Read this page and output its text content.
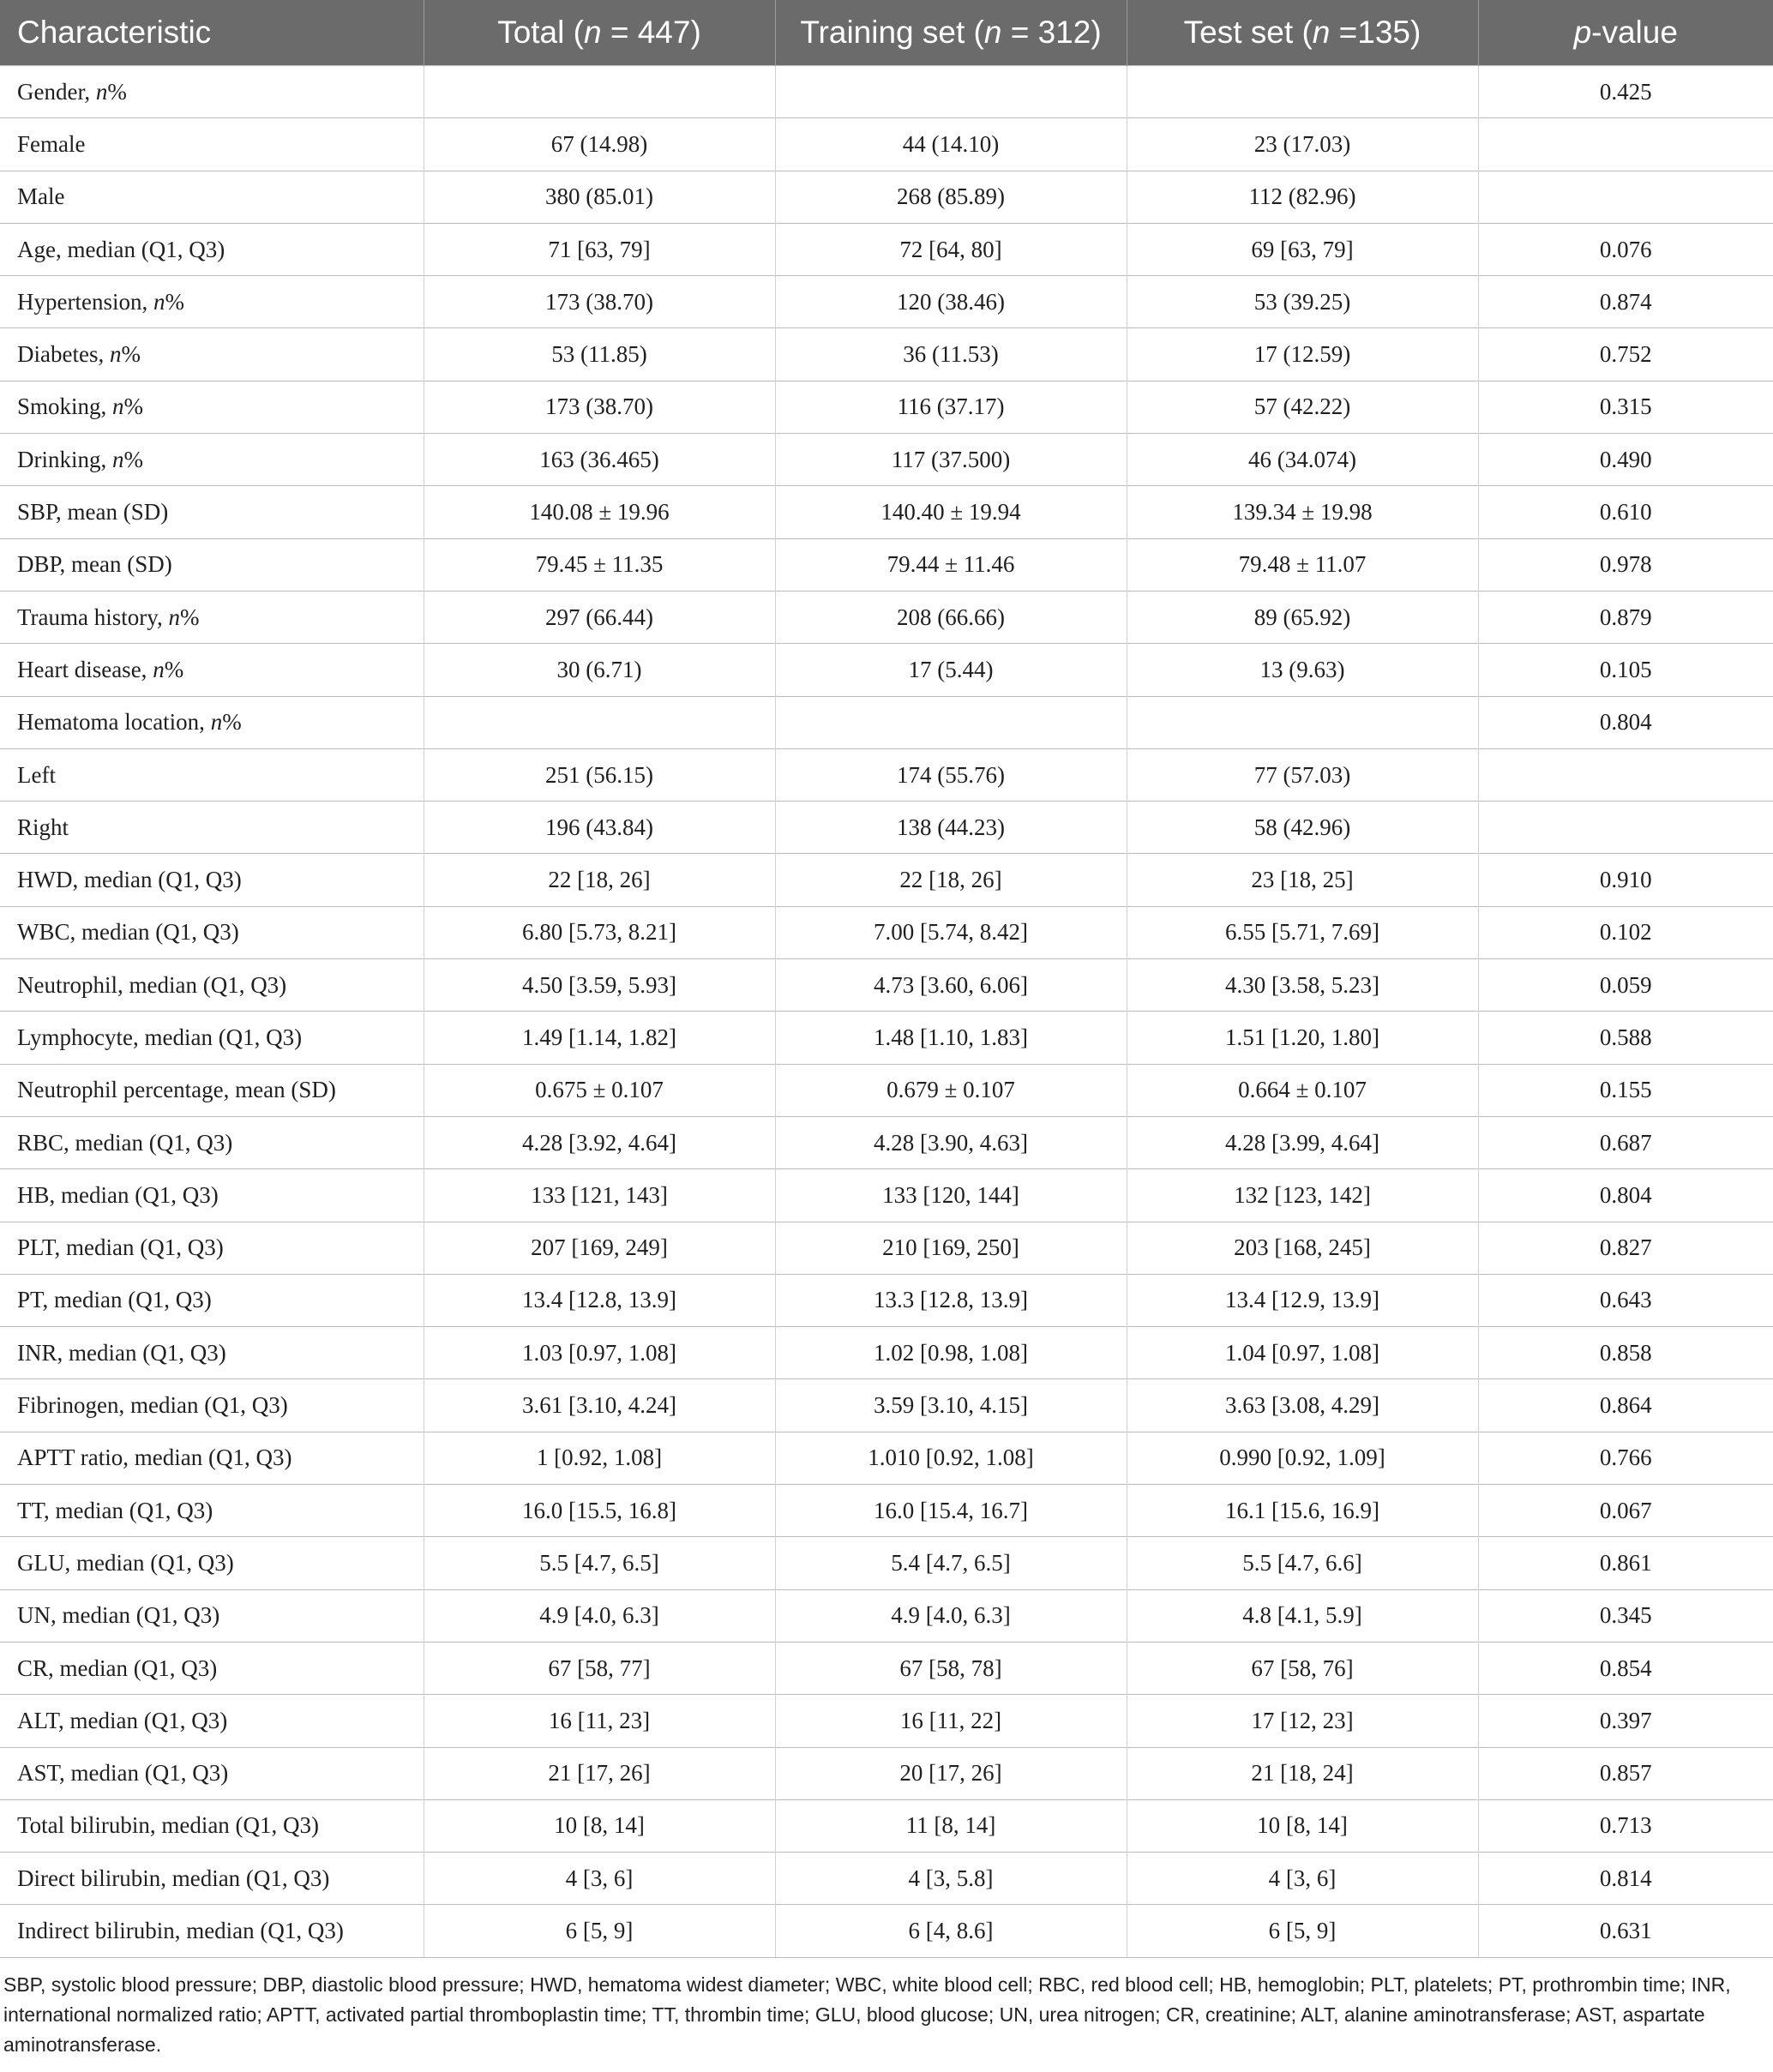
Characteristic	Total (n = 447)	Training set (n = 312)	Test set (n =135)	p-value
Gender, n%				0.425
Female	67 (14.98)	44 (14.10)	23 (17.03)	
Male	380 (85.01)	268 (85.89)	112 (82.96)	
Age, median (Q1, Q3)	71 [63, 79]	72 [64, 80]	69 [63, 79]	0.076
Hypertension, n%	173 (38.70)	120 (38.46)	53 (39.25)	0.874
Diabetes, n%	53 (11.85)	36 (11.53)	17 (12.59)	0.752
Smoking, n%	173 (38.70)	116 (37.17)	57 (42.22)	0.315
Drinking, n%	163 (36.465)	117 (37.500)	46 (34.074)	0.490
SBP, mean (SD)	140.08 ± 19.96	140.40 ± 19.94	139.34 ± 19.98	0.610
DBP, mean (SD)	79.45 ± 11.35	79.44 ± 11.46	79.48 ± 11.07	0.978
Trauma history, n%	297 (66.44)	208 (66.66)	89 (65.92)	0.879
Heart disease, n%	30 (6.71)	17 (5.44)	13 (9.63)	0.105
Hematoma location, n%				0.804
Left	251 (56.15)	174 (55.76)	77 (57.03)	
Right	196 (43.84)	138 (44.23)	58 (42.96)	
HWD, median (Q1, Q3)	22 [18, 26]	22 [18, 26]	23 [18, 25]	0.910
WBC, median (Q1, Q3)	6.80 [5.73, 8.21]	7.00 [5.74, 8.42]	6.55 [5.71, 7.69]	0.102
Neutrophil, median (Q1, Q3)	4.50 [3.59, 5.93]	4.73 [3.60, 6.06]	4.30 [3.58, 5.23]	0.059
Lymphocyte, median (Q1, Q3)	1.49 [1.14, 1.82]	1.48 [1.10, 1.83]	1.51 [1.20, 1.80]	0.588
Neutrophil percentage, mean (SD)	0.675 ± 0.107	0.679 ± 0.107	0.664 ± 0.107	0.155
RBC, median (Q1, Q3)	4.28 [3.92, 4.64]	4.28 [3.90, 4.63]	4.28 [3.99, 4.64]	0.687
HB, median (Q1, Q3)	133 [121, 143]	133 [120, 144]	132 [123, 142]	0.804
PLT, median (Q1, Q3)	207 [169, 249]	210 [169, 250]	203 [168, 245]	0.827
PT, median (Q1, Q3)	13.4 [12.8, 13.9]	13.3 [12.8, 13.9]	13.4 [12.9, 13.9]	0.643
INR, median (Q1, Q3)	1.03 [0.97, 1.08]	1.02 [0.98, 1.08]	1.04 [0.97, 1.08]	0.858
Fibrinogen, median (Q1, Q3)	3.61 [3.10, 4.24]	3.59 [3.10, 4.15]	3.63 [3.08, 4.29]	0.864
APTT ratio, median (Q1, Q3)	1 [0.92, 1.08]	1.010 [0.92, 1.08]	0.990 [0.92, 1.09]	0.766
TT, median (Q1, Q3)	16.0 [15.5, 16.8]	16.0 [15.4, 16.7]	16.1 [15.6, 16.9]	0.067
GLU, median (Q1, Q3)	5.5 [4.7, 6.5]	5.4 [4.7, 6.5]	5.5 [4.7, 6.6]	0.861
UN, median (Q1, Q3)	4.9 [4.0, 6.3]	4.9 [4.0, 6.3]	4.8 [4.1, 5.9]	0.345
CR, median (Q1, Q3)	67 [58, 77]	67 [58, 78]	67 [58, 76]	0.854
ALT, median (Q1, Q3)	16 [11, 23]	16 [11, 22]	17 [12, 23]	0.397
AST, median (Q1, Q3)	21 [17, 26]	20 [17, 26]	21 [18, 24]	0.857
Total bilirubin, median (Q1, Q3)	10 [8, 14]	11 [8, 14]	10 [8, 14]	0.713
Direct bilirubin, median (Q1, Q3)	4 [3, 6]	4 [3, 5.8]	4 [3, 6]	0.814
Indirect bilirubin, median (Q1, Q3)	6 [5, 9]	6 [4, 8.6]	6 [5, 9]	0.631
SBP, systolic blood pressure; DBP, diastolic blood pressure; HWD, hematoma widest diameter; WBC, white blood cell; RBC, red blood cell; HB, hemoglobin; PLT, platelets; PT, prothrombin time; INR, international normalized ratio; APTT, activated partial thromboplastin time; TT, thrombin time; GLU, blood glucose; UN, urea nitrogen; CR, creatinine; ALT, alanine aminotransferase; AST, aspartate aminotransferase.
